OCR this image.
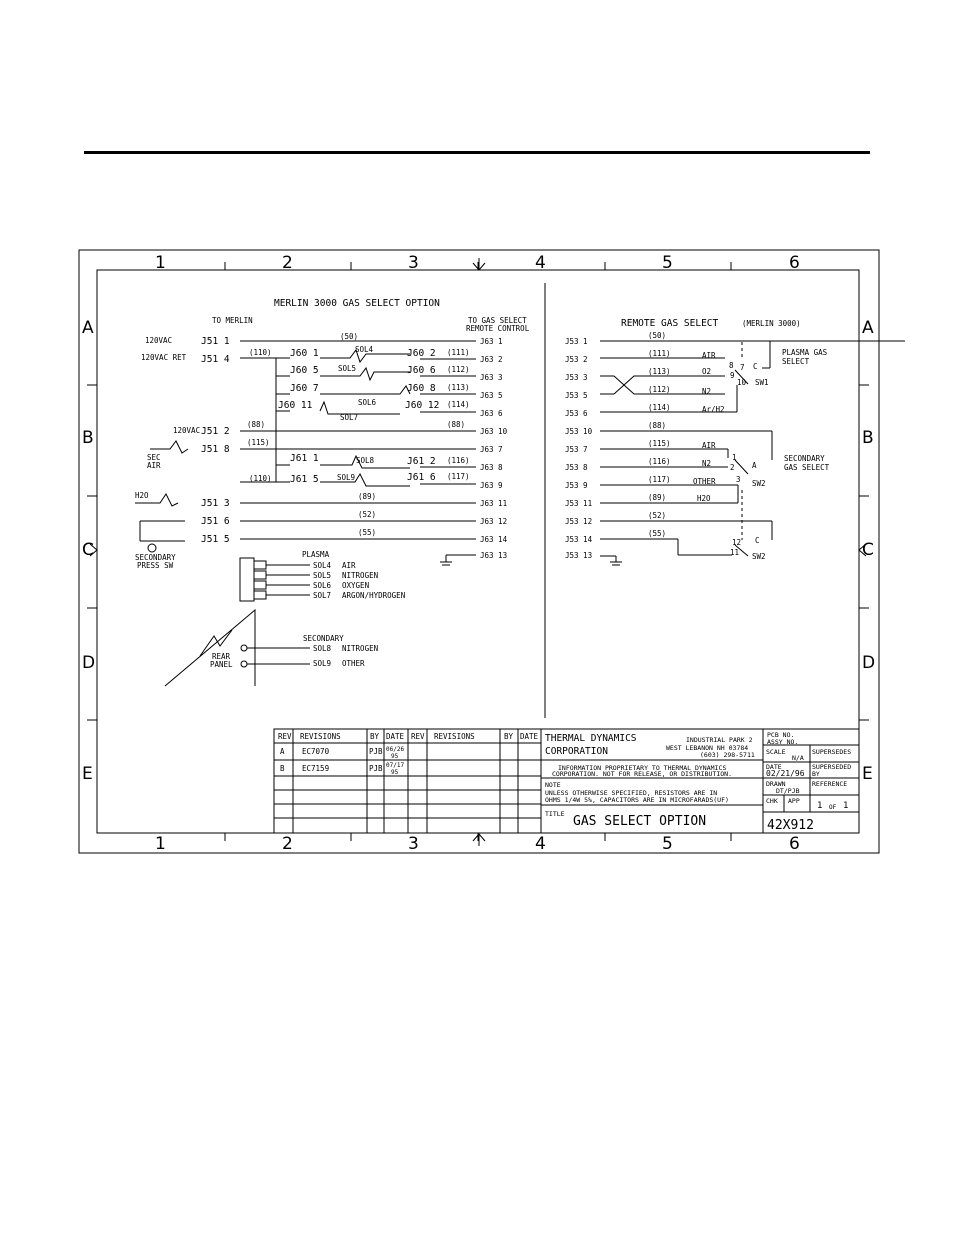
1
1
2
2
3
3
4
4
5
5
6
6
A	A
B	B
C	C
D	D
E	E
MERLIN 3000 GAS SELECT OPTION
TO MERLIN	TO GAS SELECT
REMOTE CONTROL
120VAC
120VAC RET
120VAC
SEC
AIR
H2O
SECONDARY
PRESS SW
PLASMA
SECONDARY
REAR
PANEL
J51 1
J51 4
J51 2
J51 8
J51 3
J51 6
J51 5
J63 1
J63 2
J63 3
J63 5
J63 6
J63 10
J63 7
J63 8
J63 9
J63 11
J63 12
J63 14
J63 13
J60 1
J60 5
J60 7
J60 11
J60 2
J60 6
J60 8
J60 12
J61 1
J61 5
J61 2
J61 6
SOL4
SOL5
SOL6
SOL7
SOL8
SOL9
(50)
(110)	(111)
(112)
(113)
(114)
(88)	(88)
(115)
(116)
(110)	(117)
(89)
(52)
(55)
SOL4 AIR
SOL5 NITROGEN
SOL6 OXYGEN
SOL7 ARGON/HYDROGEN
SOL8 NITROGEN
SOL9 OTHER
REMOTE GAS SELECT	(MERLIN 3000)
J53 1
J53 2
J53 3
J53 5
J53 6
J53 10
J53 7
J53 8
J53 9
J53 11
J53 12
J53 14
J53 13
(50)
(111)
(113)
(112)
(114)
(88)
(115)
(116)
(117)
(89)
(52)
(55)
AIR
O2
N2
Ar/H2
AIR
N2
OTHER
H2O
PLASMA GAS
SELECT
SECONDARY
GAS SELECT
SW1
SW2
SW2
7
8
9
10
C
1
2
3
A
C
11
12
REV REVISIONS	BY DATE REV REVISIONS	BY DATE
A EC7070	PJB 06/26
95
B EC7159	PJB 07/17
95
THERMAL DYNAMICS
CORPORATION
INDUSTRIAL PARK 2
WEST LEBANON NH 03784
(603) 298-5711
INFORMATION PROPRIETARY TO THERMAL DYNAMICS
CORPORATION. NOT FOR RELEASE, OR DISTRIBUTION.
NOTE
UNLESS OTHERWISE SPECIFIED, RESISTORS ARE IN
OHMS 1/4W 5%, CAPACITORS ARE IN MICROFARADS(UF)
TITLE GAS SELECT OPTION
PCB NO.
ASSY NO.
SCALE
N/A
SUPERSEDES
DATE
02/21/96
SUPERSEDED
BY
DRAWN
DT/PJB
REFERENCE
CHK APP 1 OF 1
42X912
